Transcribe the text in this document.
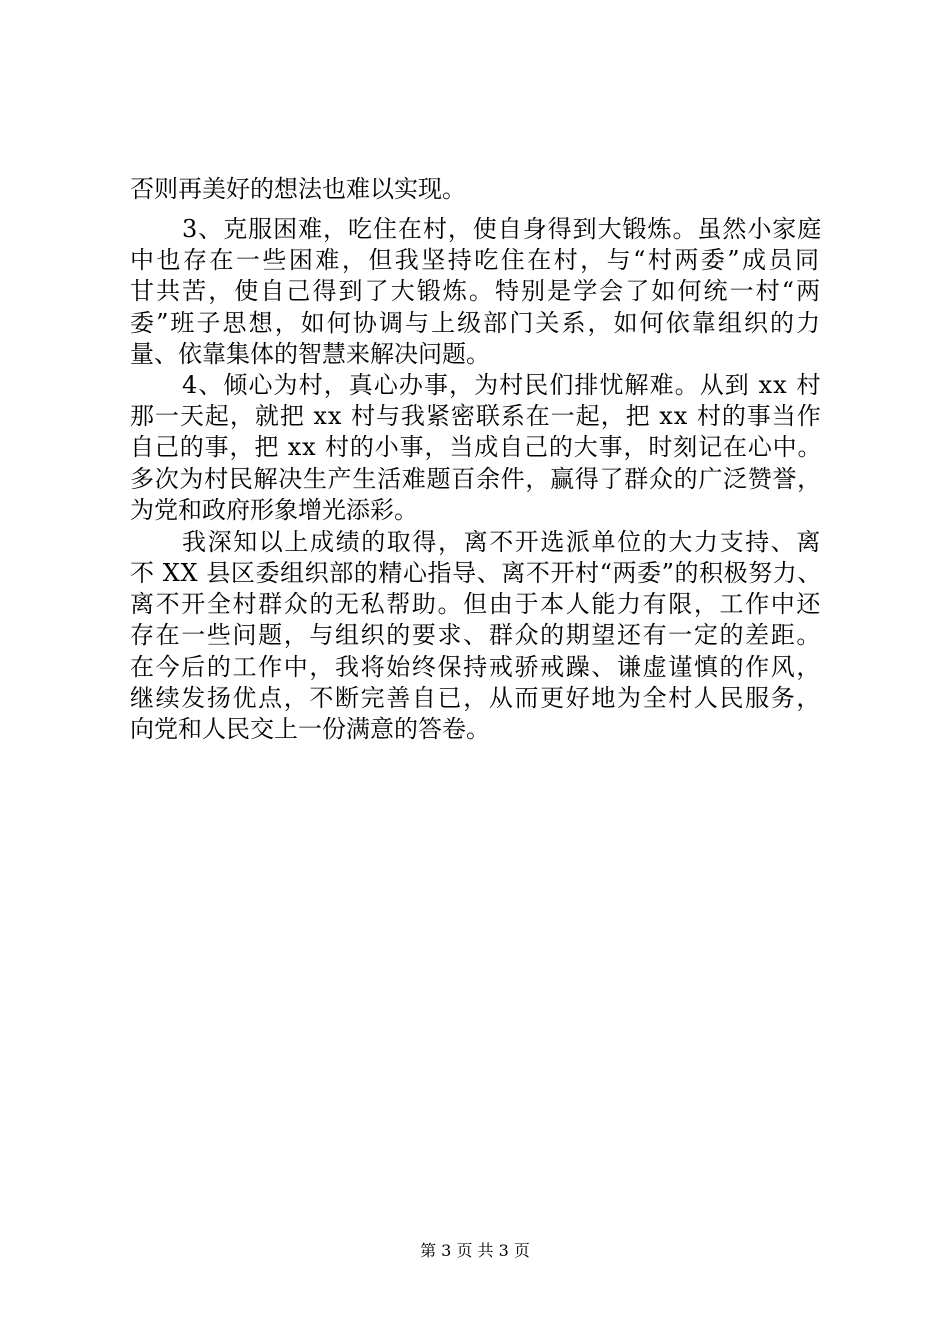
否则再美好的想法也难以实现。
3、克服困难，吃住在村，使自身得到大锻炼。虽然小家庭
中也存在一些困难，但我坚持吃住在村，与“村两委”成员同
甘共苦，使自己得到了大锻炼。特别是学会了如何统一村“两
委”班子思想，如何协调与上级部门关系，如何依靠组织的力
量、依靠集体的智慧来解决问题。
4、倾心为村，真心办事，为村民们排忧解难。从到 xx 村
那一天起，就把 xx 村与我紧密联系在一起，把 xx 村的事当作
自己的事，把 xx 村的小事，当成自己的大事，时刻记在心中。
多次为村民解决生产生活难题百余件，赢得了群众的广泛赞誉，
为党和政府形象增光添彩。
我深知以上成绩的取得，离不开选派单位的大力支持、离
不 XX 县区委组织部的精心指导、离不开村“两委”的积极努力、
离不开全村群众的无私帮助。但由于本人能力有限，工作中还
存在一些问题，与组织的要求、群众的期望还有一定的差距。
在今后的工作中，我将始终保持戒骄戒躁、谦虚谨慎的作风，
继续发扬优点，不断完善自已，从而更好地为全村人民服务，
向党和人民交上一份满意的答卷。
第 3 页 共 3 页
